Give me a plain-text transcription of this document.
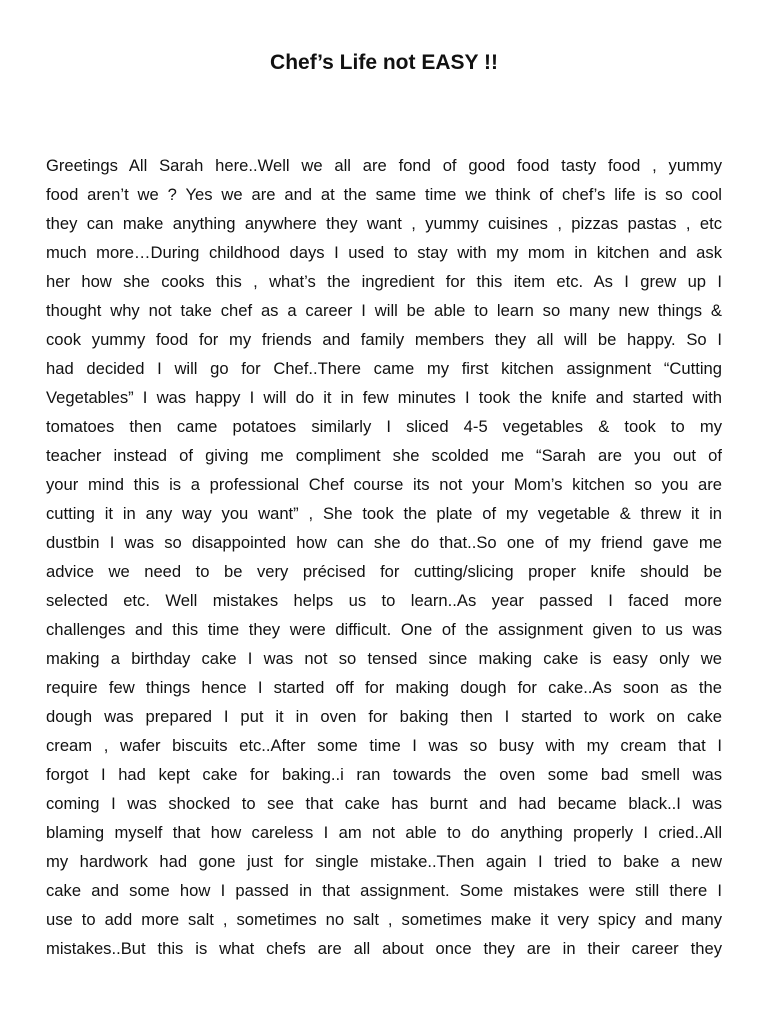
Chef’s Life not EASY !!
Greetings All Sarah here..Well we all are fond of good food tasty food , yummy
food aren’t we ? Yes we are and at the same time we think of chef’s life is so cool
they can make anything anywhere they want , yummy cuisines , pizzas pastas , etc
much more…During childhood days I used to stay with my mom in kitchen and ask
her how she cooks this , what’s the ingredient for this item etc. As I grew up I
thought why not take chef as a career I will be able to learn so many new things &
cook yummy food for my friends and family members they all will be happy. So I
had decided I will go for Chef..There came my first kitchen assignment “Cutting
Vegetables” I was happy I will do it in few minutes I took the knife and started with
tomatoes then came potatoes similarly I sliced 4-5 vegetables & took to my
teacher instead of giving me compliment she scolded me “Sarah are you out of
your mind this is a professional Chef course its not your Mom’s kitchen so you are
cutting it in any way you want” , She took the plate of my vegetable & threw it in
dustbin I was so disappointed how can she do that..So one of my friend gave me
advice we need to be very précised for cutting/slicing proper knife should be
selected etc. Well mistakes helps us to learn..As year passed I faced more
challenges and this time they were difficult. One of the assignment given to us was
making a birthday cake I was not so tensed since making cake is easy only we
require few things hence I started off for making dough for cake..As soon as the
dough was prepared I put it in oven for baking then I started to work on cake
cream , wafer biscuits etc..After some time I was so busy with my cream that I
forgot I had kept cake for baking..i ran towards the oven some bad smell was
coming I was shocked to see that cake has burnt and had became black..I was
blaming myself that how careless I am not able to do anything properly I cried..All
my hardwork had gone just for single mistake..Then again I tried to bake a new
cake and some how I passed in that assignment. Some mistakes were still there I
use to add more salt , sometimes no salt , sometimes make it very spicy and many
mistakes..But this is what chefs are all about once they are in their career they
